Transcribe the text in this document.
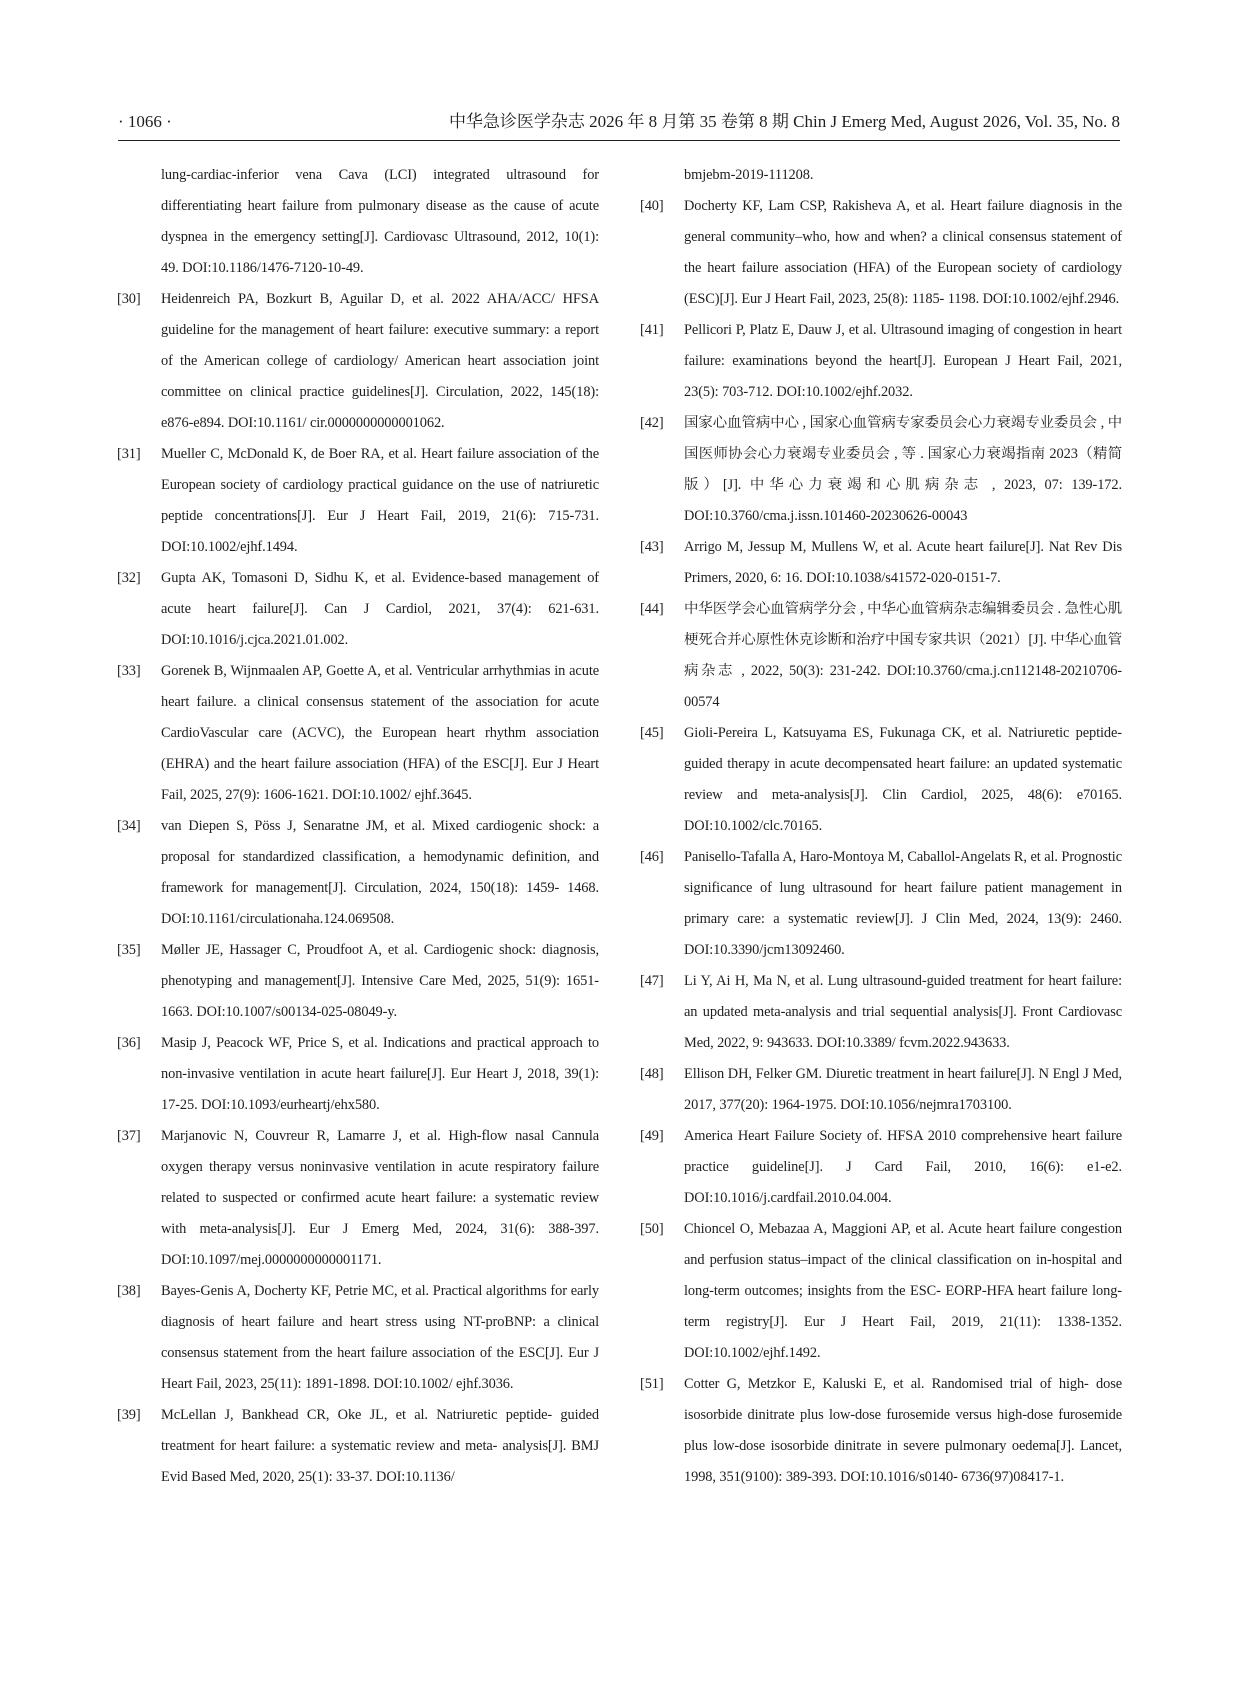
· 1066 ·	中华急诊医学杂志 2026 年 8 月第 35 卷第 8 期 Chin J Emerg Med, August 2026, Vol. 35, No. 8
lung-cardiac-inferior vena Cava (LCI) integrated ultrasound for differentiating heart failure from pulmonary disease as the cause of acute dyspnea in the emergency setting[J]. Cardiovasc Ultrasound, 2012, 10(1): 49. DOI:10.1186/1476-7120-10-49.
[30]	Heidenreich PA, Bozkurt B, Aguilar D, et al. 2022 AHA/ACC/ HFSA guideline for the management of heart failure: executive summary: a report of the American college of cardiology/ American heart association joint committee on clinical practice guidelines[J]. Circulation, 2022, 145(18): e876-e894. DOI:10.1161/ cir.0000000000001062.
[31]	Mueller C, McDonald K, de Boer RA, et al. Heart failure association of the European society of cardiology practical guidance on the use of natriuretic peptide concentrations[J]. Eur J Heart Fail, 2019, 21(6): 715-731. DOI:10.1002/ejhf.1494.
[32]	Gupta AK, Tomasoni D, Sidhu K, et al. Evidence-based management of acute heart failure[J]. Can J Cardiol, 2021, 37(4): 621-631. DOI:10.1016/j.cjca.2021.01.002.
[33]	Gorenek B, Wijnmaalen AP, Goette A, et al. Ventricular arrhythmias in acute heart failure. a clinical consensus statement of the association for acute CardioVascular care (ACVC), the European heart rhythm association (EHRA) and the heart failure association (HFA) of the ESC[J]. Eur J Heart Fail, 2025, 27(9): 1606-1621. DOI:10.1002/ ejhf.3645.
[34]	van Diepen S, Pöss J, Senaratne JM, et al. Mixed cardiogenic shock: a proposal for standardized classification, a hemodynamic definition, and framework for management[J]. Circulation, 2024, 150(18): 1459- 1468. DOI:10.1161/circulationaha.124.069508.
[35]	Møller JE, Hassager C, Proudfoot A, et al. Cardiogenic shock: diagnosis, phenotyping and management[J]. Intensive Care Med, 2025, 51(9): 1651-1663. DOI:10.1007/s00134-025-08049-y.
[36]	Masip J, Peacock WF, Price S, et al. Indications and practical approach to non-invasive ventilation in acute heart failure[J]. Eur Heart J, 2018, 39(1): 17-25. DOI:10.1093/eurheartj/ehx580.
[37]	Marjanovic N, Couvreur R, Lamarre J, et al. High-flow nasal Cannula oxygen therapy versus noninvasive ventilation in acute respiratory failure related to suspected or confirmed acute heart failure: a systematic review with meta-analysis[J]. Eur J Emerg Med, 2024, 31(6): 388-397. DOI:10.1097/mej.0000000000001171.
[38]	Bayes-Genis A, Docherty KF, Petrie MC, et al. Practical algorithms for early diagnosis of heart failure and heart stress using NT-proBNP: a clinical consensus statement from the heart failure association of the ESC[J]. Eur J Heart Fail, 2023, 25(11): 1891-1898. DOI:10.1002/ ejhf.3036.
[39]	McLellan J, Bankhead CR, Oke JL, et al. Natriuretic peptide- guided treatment for heart failure: a systematic review and meta- analysis[J]. BMJ Evid Based Med, 2020, 25(1): 33-37. DOI:10.1136/
bmjebm-2019-111208.
[40]	Docherty KF, Lam CSP, Rakisheva A, et al. Heart failure diagnosis in the general community–who, how and when? a clinical consensus statement of the heart failure association (HFA) of the European society of cardiology (ESC)[J]. Eur J Heart Fail, 2023, 25(8): 1185- 1198. DOI:10.1002/ejhf.2946.
[41]	Pellicori P, Platz E, Dauw J, et al. Ultrasound imaging of congestion in heart failure: examinations beyond the heart[J]. European J Heart Fail, 2021, 23(5): 703-712. DOI:10.1002/ejhf.2032.
[42]	国家心血管病中心 , 国家心血管病专家委员会心力衰竭专业委员会 , 中国医师协会心力衰竭专业委员会 , 等 . 国家心力衰竭指南 2023（精简版）[J]. 中华心力衰竭和心肌病杂志 , 2023, 07: 139-172. DOI:10.3760/cma.j.issn.101460-20230626-00043
[43]	Arrigo M, Jessup M, Mullens W, et al. Acute heart failure[J]. Nat Rev Dis Primers, 2020, 6: 16. DOI:10.1038/s41572-020-0151-7.
[44]	中华医学会心血管病学分会 , 中华心血管病杂志编辑委员会 . 急性心肌梗死合并心原性休克诊断和治疗中国专家共识（2021）[J]. 中华心血管病杂志 , 2022, 50(3): 231-242. DOI:10.3760/cma.j.cn112148-20210706-00574
[45]	Gioli-Pereira L, Katsuyama ES, Fukunaga CK, et al. Natriuretic peptide-guided therapy in acute decompensated heart failure: an updated systematic review and meta-analysis[J]. Clin Cardiol, 2025, 48(6): e70165. DOI:10.1002/clc.70165.
[46]	Panisello-Tafalla A, Haro-Montoya M, Caballol-Angelats R, et al. Prognostic significance of lung ultrasound for heart failure patient management in primary care: a systematic review[J]. J Clin Med, 2024, 13(9): 2460. DOI:10.3390/jcm13092460.
[47]	Li Y, Ai H, Ma N, et al. Lung ultrasound-guided treatment for heart failure: an updated meta-analysis and trial sequential analysis[J]. Front Cardiovasc Med, 2022, 9: 943633. DOI:10.3389/ fcvm.2022.943633.
[48]	Ellison DH, Felker GM. Diuretic treatment in heart failure[J]. N Engl J Med, 2017, 377(20): 1964-1975. DOI:10.1056/nejmra1703100.
[49]	America Heart Failure Society of. HFSA 2010 comprehensive heart failure practice guideline[J]. J Card Fail, 2010, 16(6): e1-e2. DOI:10.1016/j.cardfail.2010.04.004.
[50]	Chioncel O, Mebazaa A, Maggioni AP, et al. Acute heart failure congestion and perfusion status–impact of the clinical classification on in-hospital and long-term outcomes; insights from the ESC- EORP-HFA heart failure long-term registry[J]. Eur J Heart Fail, 2019, 21(11): 1338-1352. DOI:10.1002/ejhf.1492.
[51]	Cotter G, Metzkor E, Kaluski E, et al. Randomised trial of high- dose isosorbide dinitrate plus low-dose furosemide versus high-dose furosemide plus low-dose isosorbide dinitrate in severe pulmonary oedema[J]. Lancet, 1998, 351(9100): 389-393. DOI:10.1016/s0140- 6736(97)08417-1.
